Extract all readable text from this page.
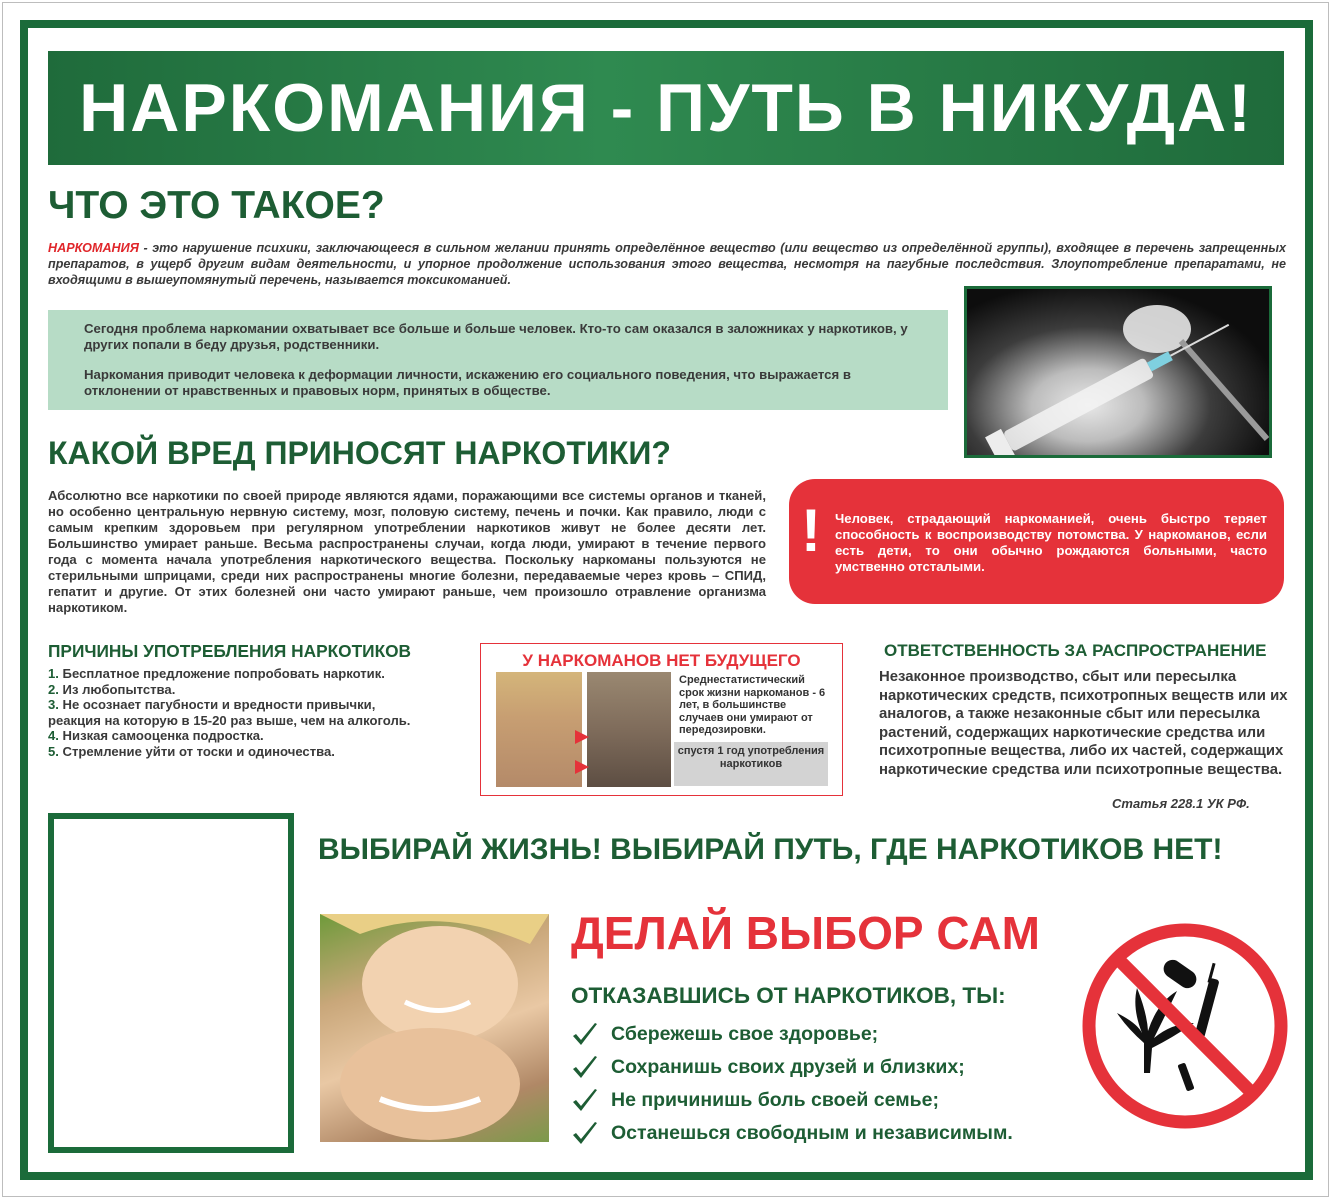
НАРКОМАНИЯ - ПУТЬ В НИКУДА!
ЧТО ЭТО ТАКОЕ?
НАРКОМАНИЯ - это нарушение психики, заключающееся в сильном желании принять определённое вещество (или вещество из определённой группы), входящее в перечень запрещенных препаратов, в ущерб другим видам деятельности, и упорное продолжение использования этого вещества, несмотря на пагубные последствия. Злоупотребление препаратами, не входящими в вышеупомянутый перечень, называется токсикоманией.

Сегодня проблема наркомании охватывает все больше и больше человек. Кто-то сам оказался в заложниках у наркотиков, у других попали в беду друзья, родственники.

Наркомания приводит человека к деформации личности, искажению его социального поведения, что выражается в отклонении от нравственных и правовых норм, принятых в обществе.

КАКОЙ ВРЕД ПРИНОСЯТ НАРКОТИКИ?
Абсолютно все наркотики по своей природе являются ядами, поражающими все системы органов и тканей, но особенно центральную нервную систему, мозг, половую систему, печень и почки. Как правило, люди с самым крепким здоровьем при регулярном употреблении наркотиков живут не более десяти лет. Большинство умирает раньше. Весьма распространены случаи, когда люди, умирают в течение первого года с момента начала употребления наркотического вещества. Поскольку наркоманы пользуются не стерильными шприцами, среди них распространены многие болезни, передаваемые через кровь – СПИД, гепатит и другие. От этих болезней они часто умирают раньше, чем произошло отравление организма наркотиком.
! Человек, страдающий наркоманией, очень быстро теряет способность к воспроизводству потомства. У наркоманов, если есть дети, то они обычно рождаются больными, часто умственно отсталыми.
ПРИЧИНЫ УПОТРЕБЛЕНИЯ НАРКОТИКОВ
1. Бесплатное предложение попробовать наркотик.
2. Из любопытства.
3. Не осознает пагубности и вредности привычки,
реакция на которую в 15-20 раз выше, чем на алкоголь.
4. Низкая самооценка подростка.
5. Стремление уйти от тоски и одиночества.
У НАРКОМАНОВ НЕТ БУДУЩЕГО
Среднестатистический срок жизни наркоманов - 6 лет, в большинстве случаев они умирают от передозировки.
спустя 1 год употребления наркотиков
ОТВЕТСТВЕННОСТЬ ЗА РАСПРОСТРАНЕНИЕ
Незаконное производство, сбыт или пересылка наркотических средств, психотропных веществ или их аналогов, а также незаконные сбыт или пересылка растений, содержащих наркотические средства или психотропные вещества, либо их частей, содержащих наркотические средства или психотропные вещества.
Статья 228.1 УК РФ.
ВЫБИРАЙ ЖИЗНЬ! ВЫБИРАЙ ПУТЬ, ГДЕ НАРКОТИКОВ НЕТ!
ДЕЛАЙ ВЫБОР САМ
ОТКАЗАВШИСЬ ОТ НАРКОТИКОВ, ТЫ:
Сбережешь свое здоровье;
Сохранишь своих друзей и близких;
Не причинишь боль своей семье;
Останешься свободным и независимым.
